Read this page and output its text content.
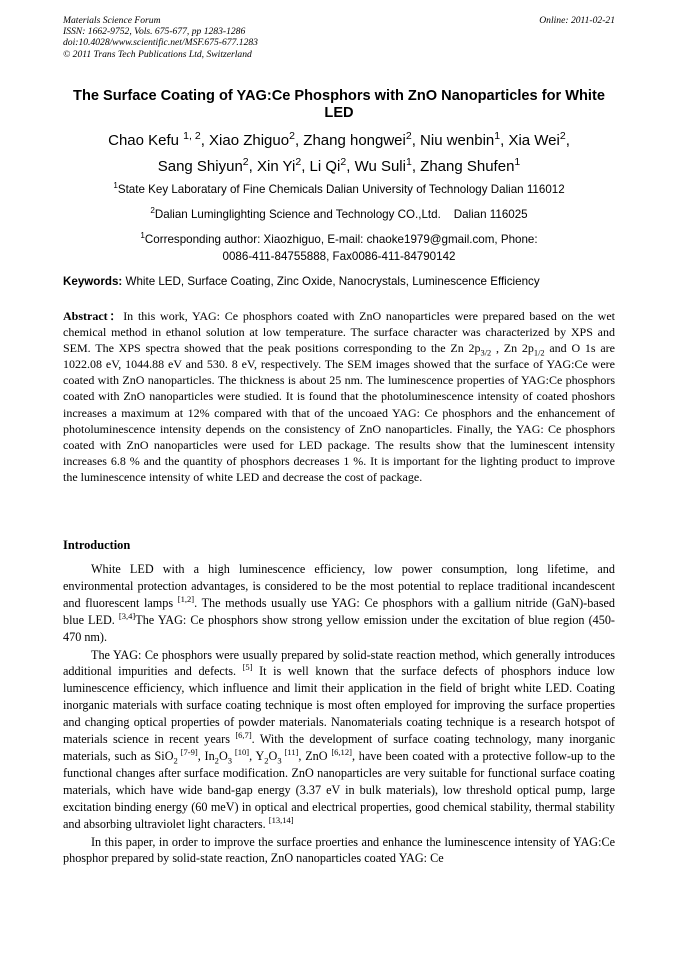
Materials Science Forum
ISSN: 1662-9752, Vols. 675-677, pp 1283-1286
doi:10.4028/www.scientific.net/MSF.675-677.1283
© 2011 Trans Tech Publications Ltd, Switzerland
Online: 2011-02-21
The Surface Coating of YAG:Ce Phosphors with ZnO Nanoparticles for White LED
Chao Kefu $^{1, 2}$, Xiao Zhiguo$^2$, Zhang hongwei$^2$, Niu wenbin$^1$, Xia Wei$^2$,
Sang Shiyun$^2$, Xin Yi$^2$, Li Qi$^2$, Wu Suli$^1$, Zhang Shufen$^1$
$^1$State Key Laboratary of Fine Chemicals Dalian University of Technology Dalian 116012
$^2$Dalian Luminglighting Science and Technology CO.,Ltd.    Dalian 116025
$^1$Corresponding author: Xiaozhiguo, E-mail: chaoke1979@gmail.com, Phone:
0086-411-84755888, Fax0086-411-84790142
Keywords: White LED, Surface Coating, Zinc Oxide, Nanocrystals, Luminescence Efficiency
Abstract：In this work, YAG: Ce phosphors coated with ZnO nanoparticles were prepared based on the wet chemical method in ethanol solution at low temperature. The surface character was characterized by XPS and SEM. The XPS spectra showed that the peak positions corresponding to the Zn $2p_{3/2}$ , Zn $2p_{1/2}$ and O 1s are 1022.08 eV, 1044.88 eV and 530. 8 eV, respectively. The SEM images showed that the surface of YAG:Ce were coated with ZnO nanoparticles. The thickness is about 25 nm. The luminescence properties of YAG:Ce phosphors coated with ZnO nanoparticles were studied. It is found that the photoluminescence intensity of coated phoshors increases a maximum at 12% compared with that of the uncoaed YAG: Ce phosphors and the enhancement of photoluminescence intensity depends on the consistency of ZnO nanoparticles. Finally, the YAG: Ce phosphors coated with ZnO nanoparticles were used for LED package. The results show that the luminescent intensity increases 6.8 % and the quantity of phosphors decreases 1 %. It is important for the lighting product to improve the luminescence intensity of white LED and decrease the cost of package.
Introduction

White LED with a high luminescence efficiency, low power consumption, long lifetime, and environmental protection advantages, is considered to be the most potential to replace traditional incandescent and fluorescent lamps [1,2]. The methods usually use YAG: Ce phosphors with a gallium nitride (GaN)-based blue LED. [3,4]The YAG: Ce phosphors show strong yellow emission under the excitation of blue region (450-470 nm).

The YAG: Ce phosphors were usually prepared by solid-state reaction method, which generally introduces additional impurities and defects. [5] It is well known that the surface defects of phosphors induce low luminescence efficiency, which influence and limit their application in the field of bright white LED. Coating inorganic materials with surface coating technique is most often employed for improving the surface properties and changing optical properties of powder materials. Nanomaterials coating technique is a research hotspot of materials science in recent years [6,7]. With the development of surface coating technology, many inorganic materials, such as SiO$_2$ [7-9], $In_2O_3$ [10], $Y_2O_3$ [11], ZnO [6,12], have been coated with a protective follow-up to the functional changes after surface modification. ZnO nanoparticles are very suitable for functional surface coating materials, which have wide band-gap energy (3.37 eV in bulk materials), low threshold optical pump, large excitation binding energy (60 meV) in optical and electrical properties, good chemical stability, thermal stability and absorbing ultraviolet light characters. [13,14]

In this paper, in order to improve the surface proerties and enhance the luminescence intensity of YAG:Ce phosphor prepared by solid-state reaction, ZnO nanoparticles coated YAG: Ce
